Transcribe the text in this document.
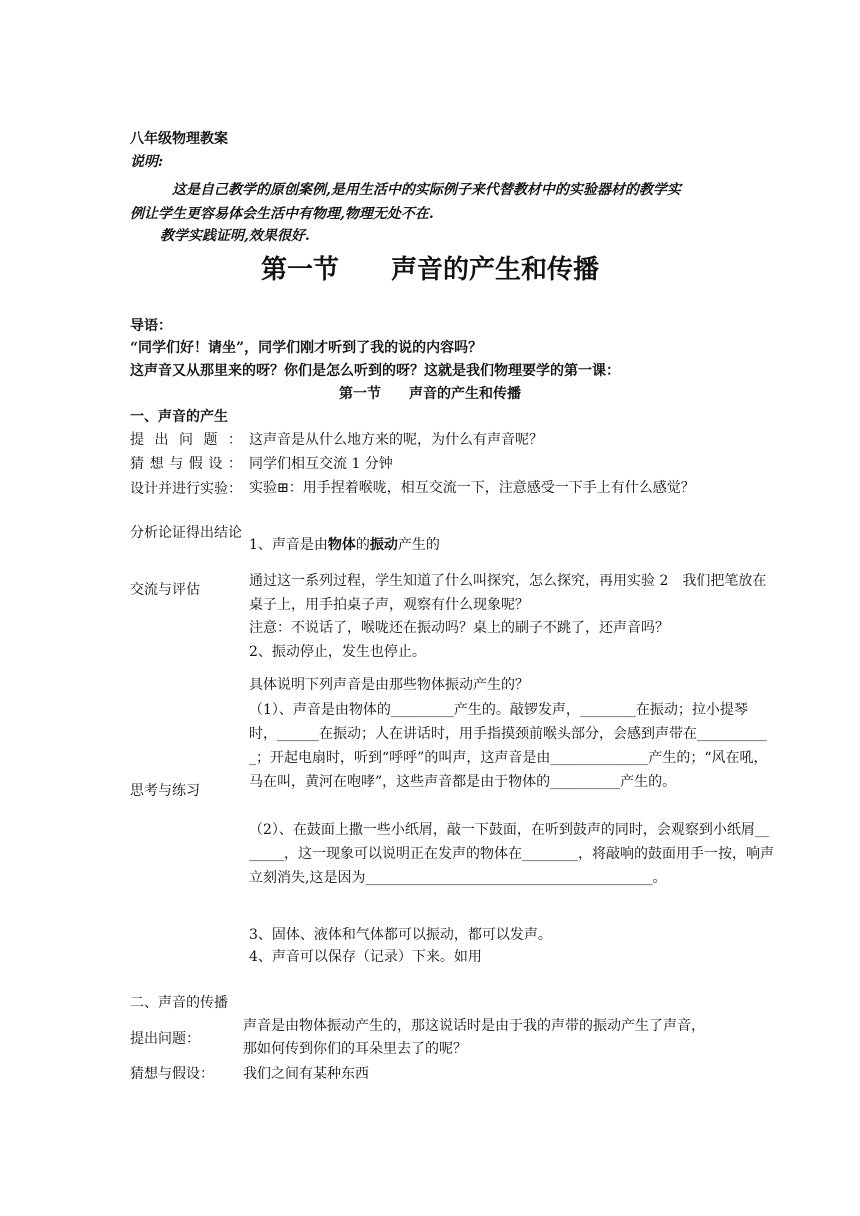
八年级物理教案
说明:
这是自己教学的原创案例,是用生活中的实际例子来代替教材中的实验器材的教学实
例让学生更容易体会生活中有物理,物理无处不在.
教学实践证明,效果很好.
第一节　　声音的产生和传播
导语：
“同学们好！请坐”，同学们刚才听到了我的说的内容吗？
这声音又从那里来的呀？你们是怎么听到的呀？这就是我们物理要学的第一课：
第一节　　声音的产生和传播
一、声音的产生
提出问题： 这声音是从什么地方来的呢，为什么有声音呢？
猜想与假设： 同学们相互交流 1 分钟
设计并进行实验： 实验⊞：用手捏着喉咙，相互交流一下，注意感受一下手上有什么感觉？
分析论证得出结论
1、声音是由物体的振动产生的
交流与评估
通过这一系列过程，学生知道了什么叫探究，怎么探究，再用实验 2　我们把笔放在桌子上，用手拍桌子声，观察有什么现象呢？
注意：不说话了，喉咙还在振动吗？桌上的刷子不跳了，还声音吗？
2、振动停止，发生也停止。
思考与练习
具体说明下列声音是由那些物体振动产生的？
（1）、声音是由物体的_________产生的。敲锣发声，________在振动；拉小提琴时，______在振动；人在讲话时，用手指摸颈前喉头部分，会感到声带在___________；开起电扇时，听到“呼呼”的叫声，这声音是由______________产生的；“风在吼，马在叫，黄河在咆哮”，这些声音都是由于物体的__________产生的。
（2）、在鼓面上撒一些小纸屑，敲一下鼓面，在听到鼓声的同时，会观察到小纸屑_______，这一现象可以说明正在发声的物体在________，将敲响的鼓面用手一按，响声立刻消失,这是因为_________________________________________。
3、固体、液体和气体都可以振动，都可以发声。
4、声音可以保存（记录）下来。如用
二、声音的传播
提出问题：
声音是由物体振动产生的，那这说话时是由于我的声带的振动产生了声音，
那如何传到你们的耳朵里去了的呢？
猜想与假设：	我们之间有某种东西
